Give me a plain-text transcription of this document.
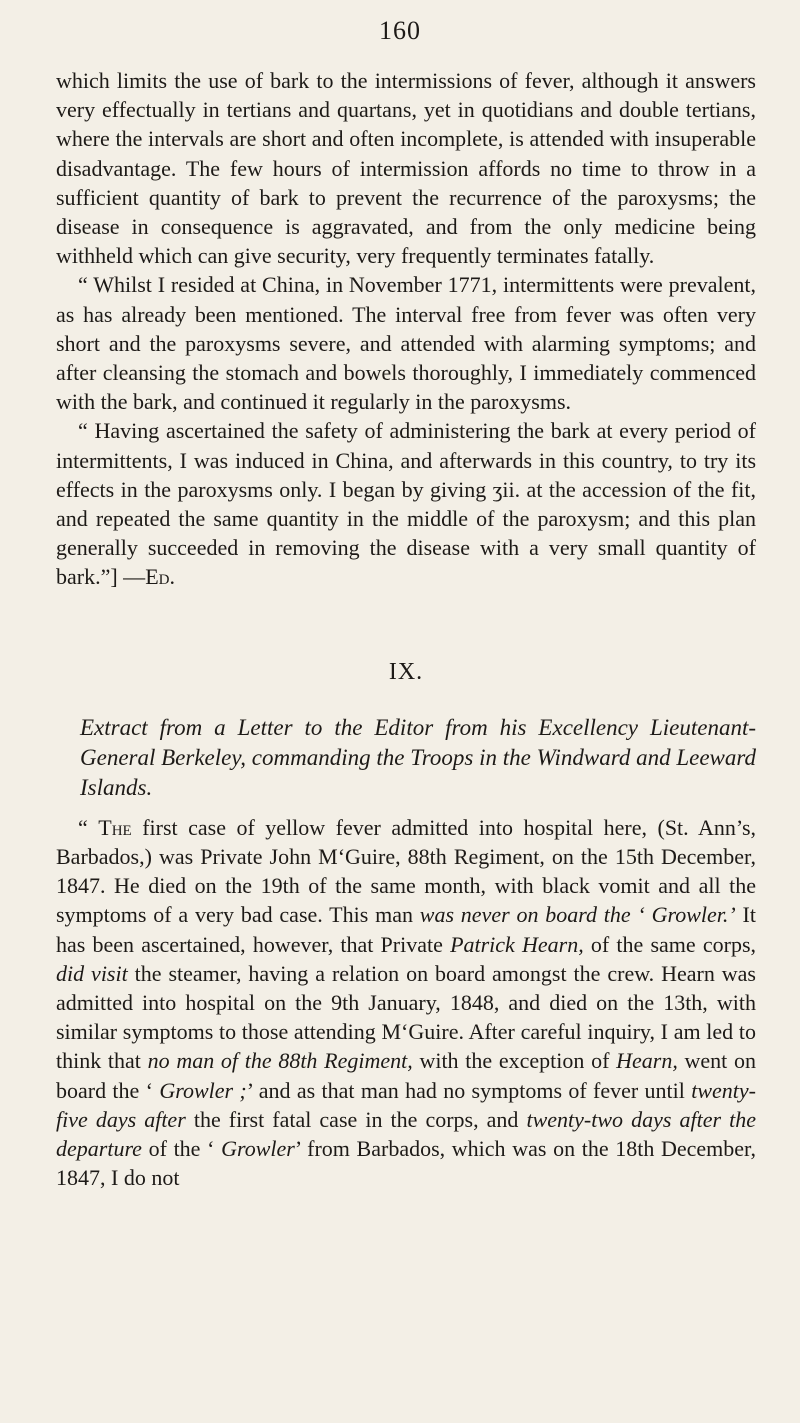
160

which limits the use of bark to the intermissions of fever, although it answers very effectually in tertians and quartans, yet in quotidians and double tertians, where the intervals are short and often incomplete, is attended with insuperable disadvantage. The few hours of intermission affords no time to throw in a sufficient quantity of bark to prevent the recurrence of the paroxysms; the disease in consequence is aggravated, and from the only medicine being withheld which can give security, very frequently terminates fatally.

“ Whilst I resided at China, in November 1771, intermittents were prevalent, as has already been mentioned. The interval free from fever was often very short and the paroxysms severe, and attended with alarming symptoms; and after cleansing the stomach and bowels thoroughly, I immediately commenced with the bark, and continued it regularly in the paroxysms.

“ Having ascertained the safety of administering the bark at every period of intermittents, I was induced in China, and afterwards in this country, to try its effects in the paroxysms only. I began by giving ʒii. at the accession of the fit, and repeated the same quantity in the middle of the paroxysm; and this plan generally succeeded in removing the disease with a very small quantity of bark.”] —Ed.

IX.
Extract from a Letter to the Editor from his Excellency Lieutenant-General Berkeley, commanding the Troops in the Windward and Leeward Islands.

“ The first case of yellow fever admitted into hospital here, (St. Ann’s, Barbados,) was Private John M‘Guire, 88th Regiment, on the 15th December, 1847. He died on the 19th of the same month, with black vomit and all the symptoms of a very bad case. This man was never on board the ‘ Growler.’ It has been ascertained, however, that Private Patrick Hearn, of the same corps, did visit the steamer, having a relation on board amongst the crew. Hearn was admitted into hospital on the 9th January, 1848, and died on the 13th, with similar symptoms to those attending M‘Guire. After careful inquiry, I am led to think that no man of the 88th Regiment, with the exception of Hearn, went on board the ‘ Growler ;’ and as that man had no symptoms of fever until twenty-five days after the first fatal case in the corps, and twenty-two days after the departure of the ‘ Growler’ from Barbados, which was on the 18th December, 1847, I do not
